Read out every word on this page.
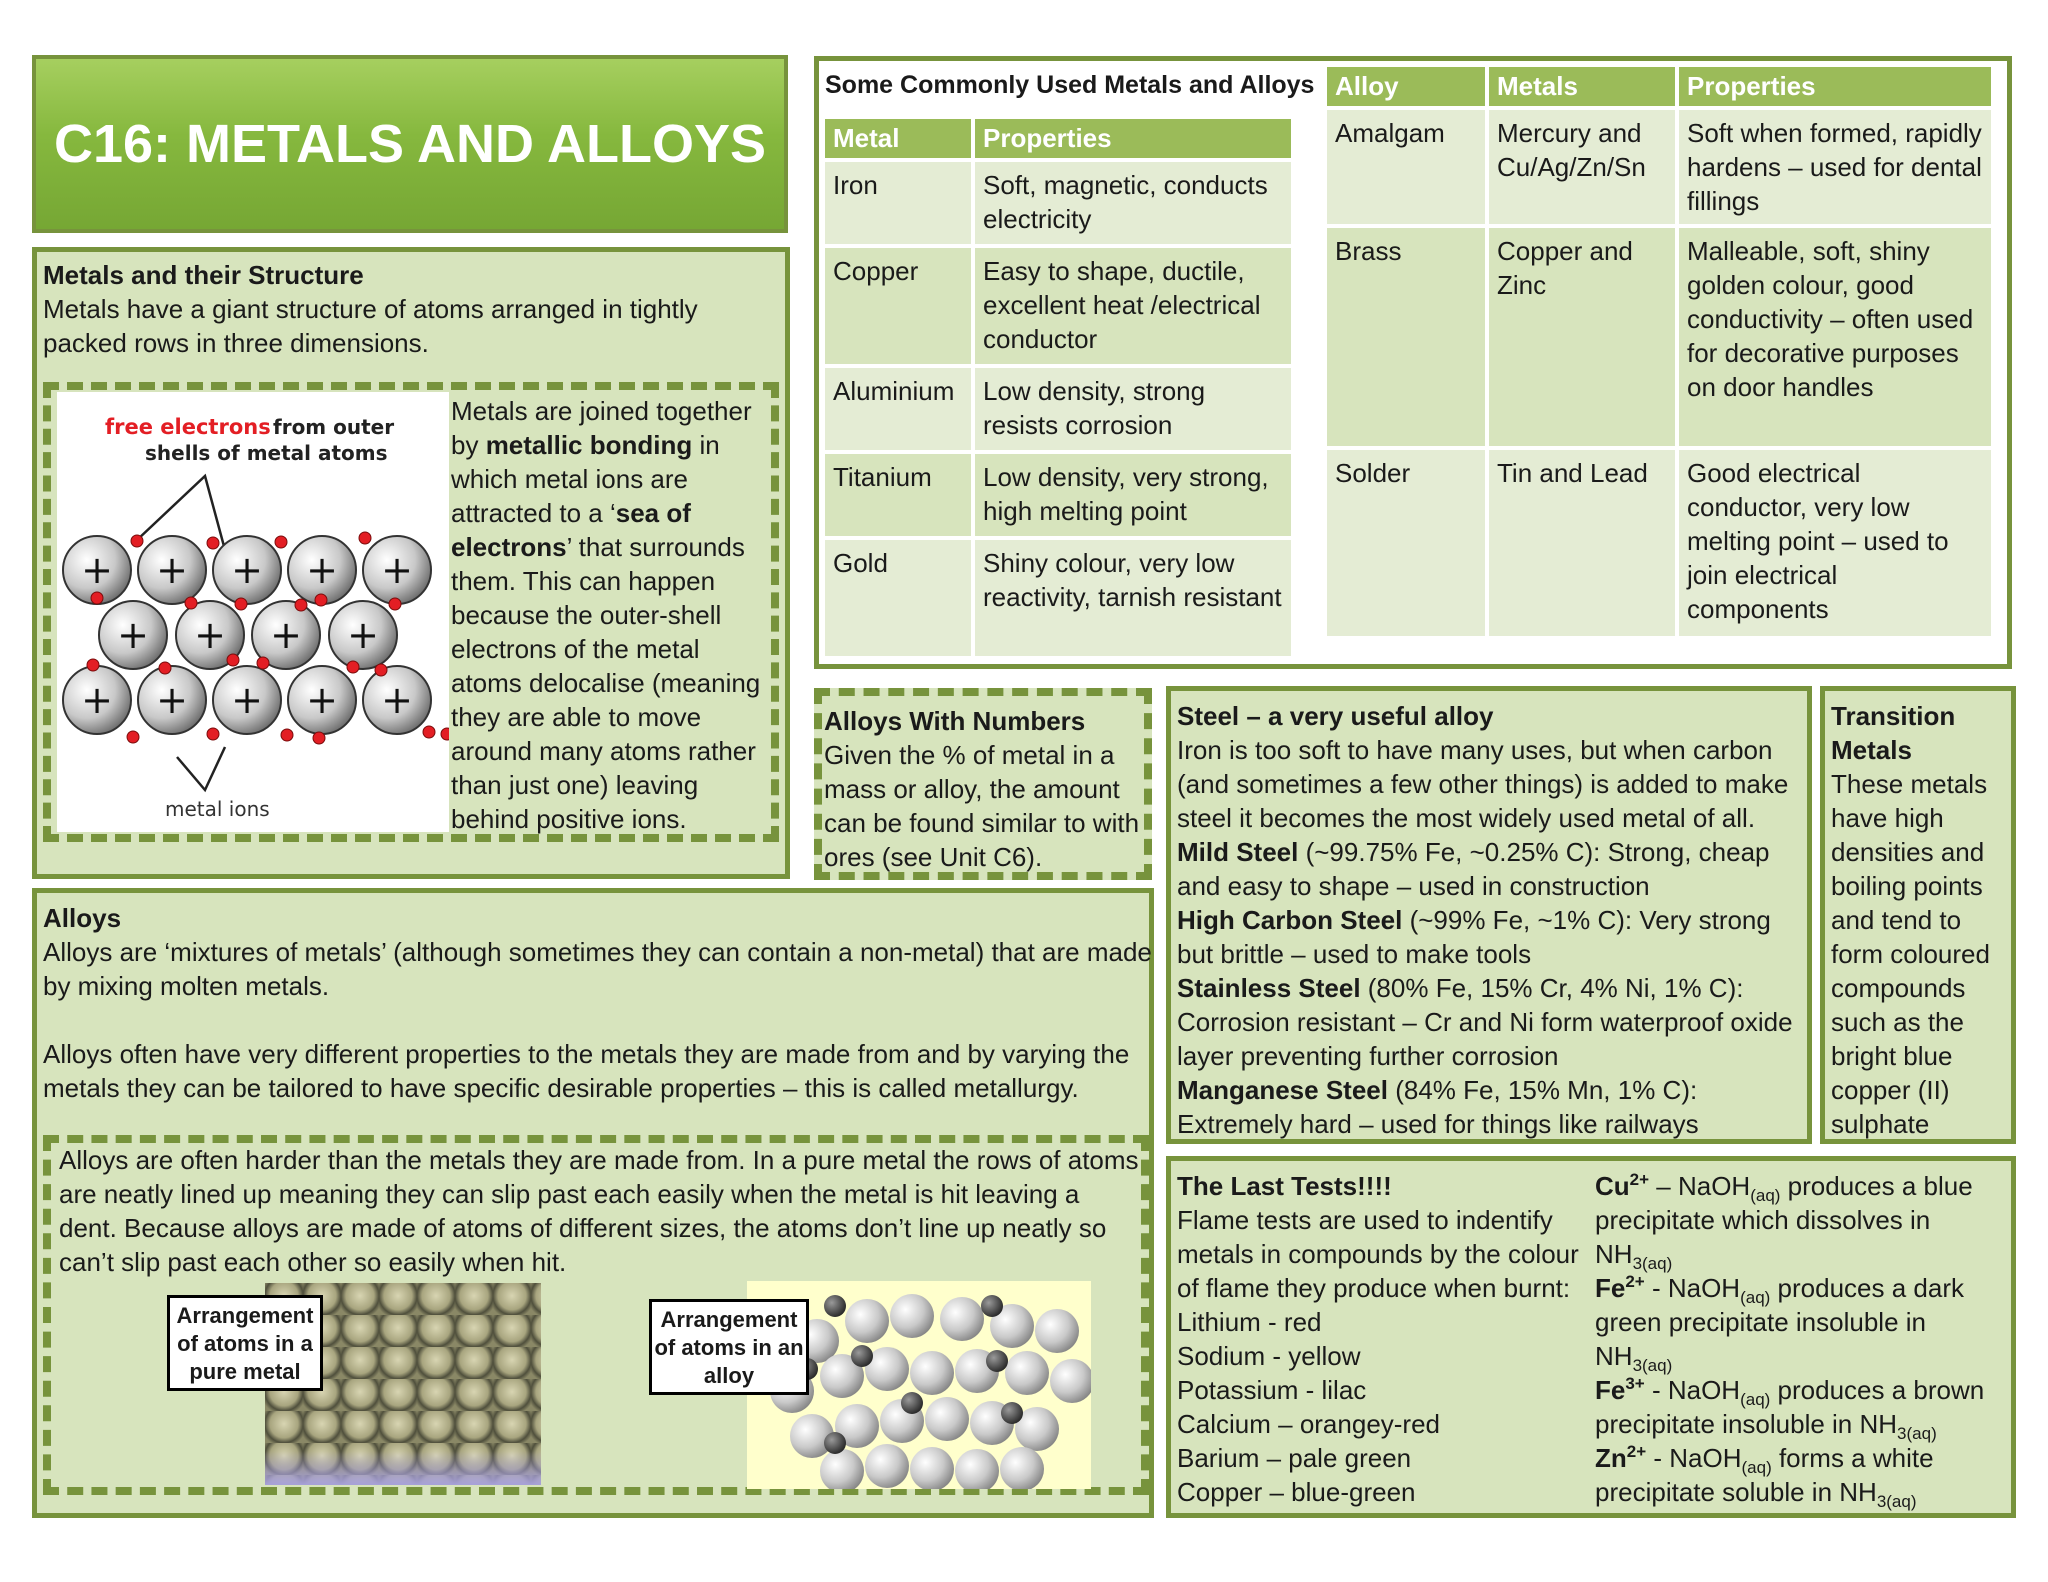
C16: METALS AND ALLOYS
Metals and their Structure
Metals have a giant structure of atoms arranged in tightly packed rows in three dimensions.
free electrons from outer
shells of metal atoms
+ + + + +
+ + + +
+ + + + +
metal ions
Metals are joined together by metallic bonding in which metal ions are attracted to a ‘sea of electrons’ that surrounds them. This can happen because the outer-shell electrons of the metal atoms delocalise (meaning they are able to move around many atoms rather than just one) leaving behind positive ions.
Some Commonly Used Metals and Alloys
Metal	Properties
Iron	Soft, magnetic, conducts electricity
Copper	Easy to shape, ductile, excellent heat /electrical conductor
Aluminium	Low density, strong resists corrosion
Titanium	Low density, very strong, high melting point
Gold	Shiny colour, very low reactivity, tarnish resistant
Alloy	Metals	Properties
Amalgam	Mercury and Cu/Ag/Zn/Sn	Soft when formed, rapidly hardens – used for dental fillings
Brass	Copper and Zinc	Malleable, soft, shiny golden colour, good conductivity – often used for decorative purposes on door handles
Solder	Tin and Lead	Good electrical conductor, very low melting point – used to join electrical components
Alloys With Numbers
Given the % of metal in a mass or alloy, the amount can be found similar to with ores (see Unit C6).
Steel – a very useful alloy
Iron is too soft to have many uses, but when carbon (and sometimes a few other things) is added to make steel it becomes the most widely used metal of all.
Mild Steel (~99.75% Fe, ~0.25% C): Strong, cheap and easy to shape – used in construction
High Carbon Steel (~99% Fe, ~1% C): Very strong but brittle – used to make tools
Stainless Steel (80% Fe, 15% Cr, 4% Ni, 1% C): Corrosion resistant – Cr and Ni form waterproof oxide layer preventing further corrosion
Manganese Steel (84% Fe, 15% Mn, 1% C): Extremely hard – used for things like railways
Transition Metals
These metals have high densities and boiling points and tend to form coloured compounds such as the bright blue copper (II) sulphate
Alloys
Alloys are ‘mixtures of metals’ (although sometimes they can contain a non-metal) that are made by mixing molten metals.
Alloys often have very different properties to the metals they are made from and by varying the metals they can be tailored to have specific desirable properties – this is called metallurgy.
Alloys are often harder than the metals they are made from. In a pure metal the rows of atoms are neatly lined up meaning they can slip past each easily when the metal is hit leaving a dent. Because alloys are made of atoms of different sizes, the atoms don’t line up neatly so can’t slip past each other so easily when hit.
Arrangement of atoms in a pure metal
Arrangement of atoms in an alloy
The Last Tests!!!!
Flame tests are used to indentify metals in compounds by the colour of flame they produce when burnt:
Lithium - red
Sodium - yellow
Potassium - lilac
Calcium – orangey-red
Barium – pale green
Copper – blue-green
$Cu^{2+}$ – NaOH$_{(aq)}$ produces a blue precipitate which dissolves in $NH_{3(aq)}$
$Fe^{2+}$ - NaOH$_{(aq)}$ produces a dark green precipitate insoluble in $NH_{3(aq)}$
$Fe^{3+}$ - NaOH$_{(aq)}$ produces a brown precipitate insoluble in $NH_{3(aq)}$
$Zn^{2+}$ - NaOH$_{(aq)}$ forms a white precipitate soluble in $NH_{3(aq)}$
